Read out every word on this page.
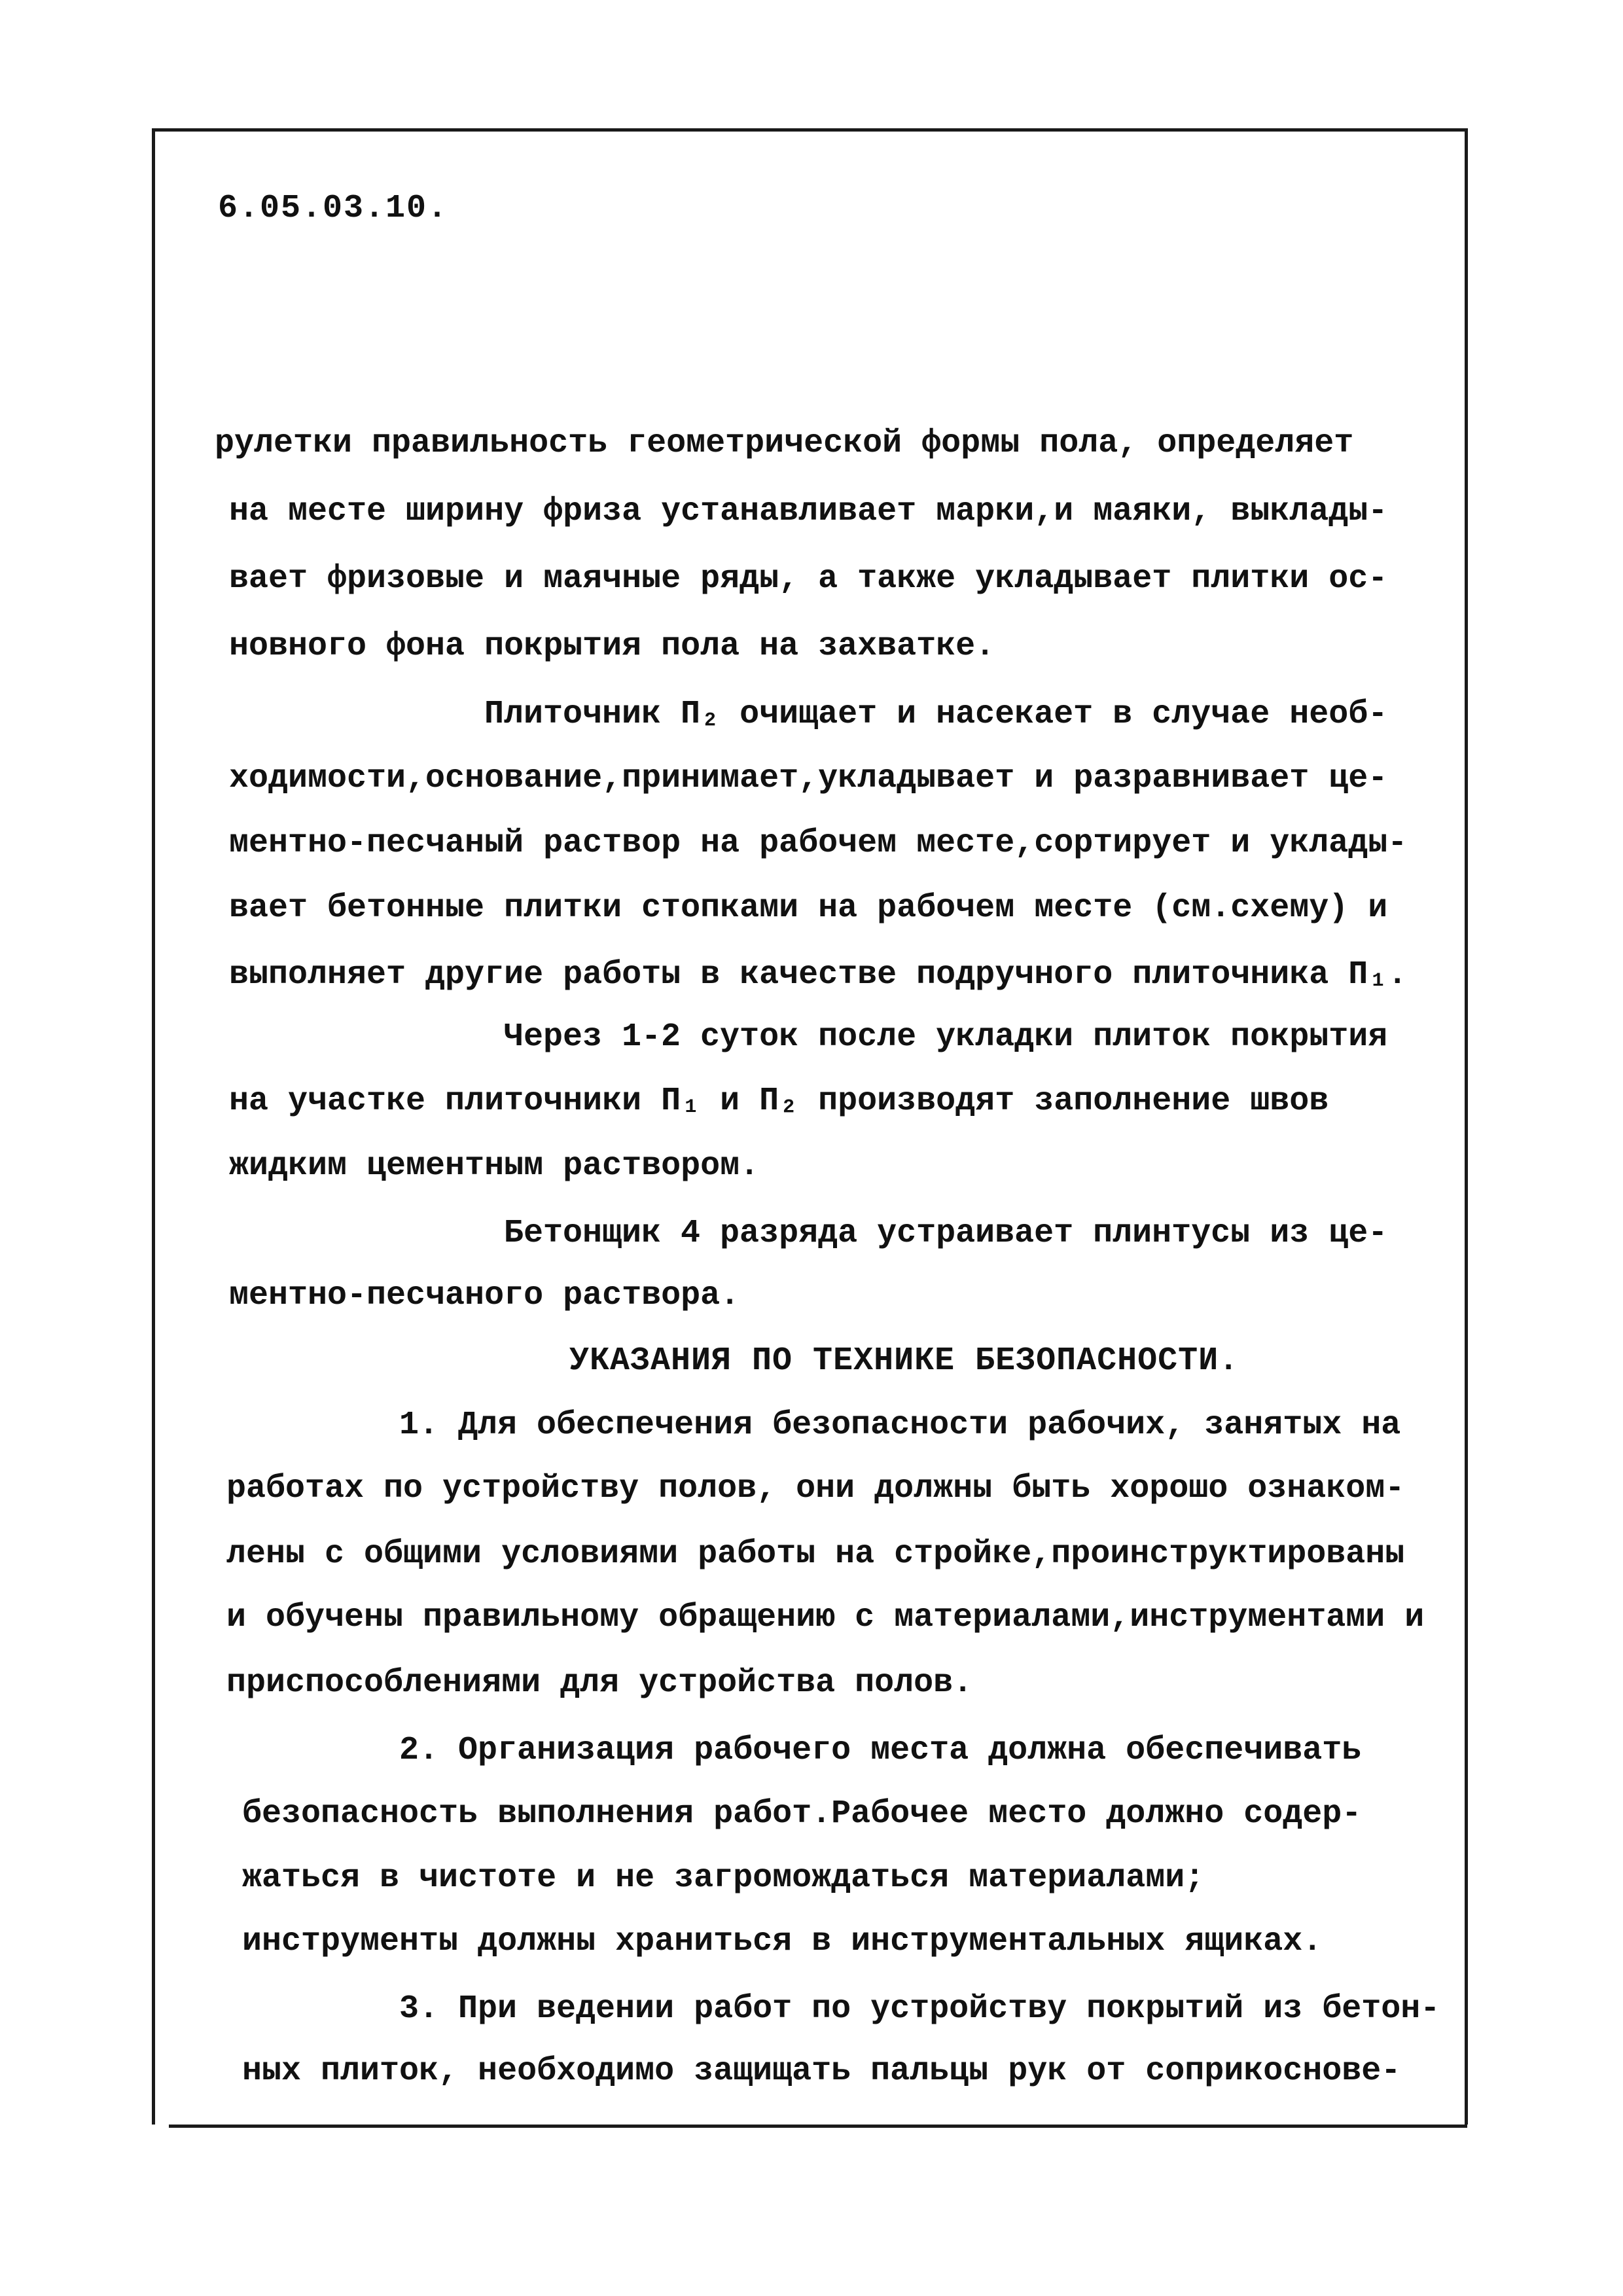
6.05.03.10.
рулетки правильность геометрической формы пола, определяет
на месте ширину фриза устанавливает марки,и маяки, выклады-
вает фризовые и маячные ряды, а также укладывает плитки ос-
новного фона покрытия пола на захватке.
Плиточник П₂ очищает и насекает в случае необ-
ходимости,основание,принимает,укладывает и разравнивает це-
ментно-песчаный раствор на рабочем месте,сортирует и уклады-
вает бетонные плитки стопками на рабочем месте (см.схему) и
выполняет другие работы в качестве подручного плиточника П₁.
Через 1-2 суток после укладки плиток покрытия
на участке плиточники П₁ и П₂ производят заполнение швов
жидким цементным раствором.
Бетонщик 4 разряда устраивает плинтусы из це-
ментно-песчаного раствора.
УКАЗАНИЯ ПО ТЕХНИКЕ БЕЗОПАСНОСТИ.
1. Для обеспечения безопасности рабочих, занятых на
работах по устройству полов, они должны быть хорошо ознаком-
лены с общими условиями работы на стройке,проинструктированы
и обучены правильному обращению с материалами,инструментами и
приспособлениями для устройства полов.
2. Организация рабочего места должна обеспечивать
безопасность выполнения работ.Рабочее место должно содер-
жаться в чистоте и не загромождаться материалами;
инструменты должны храниться в инструментальных ящиках.
3. При ведении работ по устройству покрытий из бетон-
ных плиток, необходимо защищать пальцы рук от соприкоснове-
